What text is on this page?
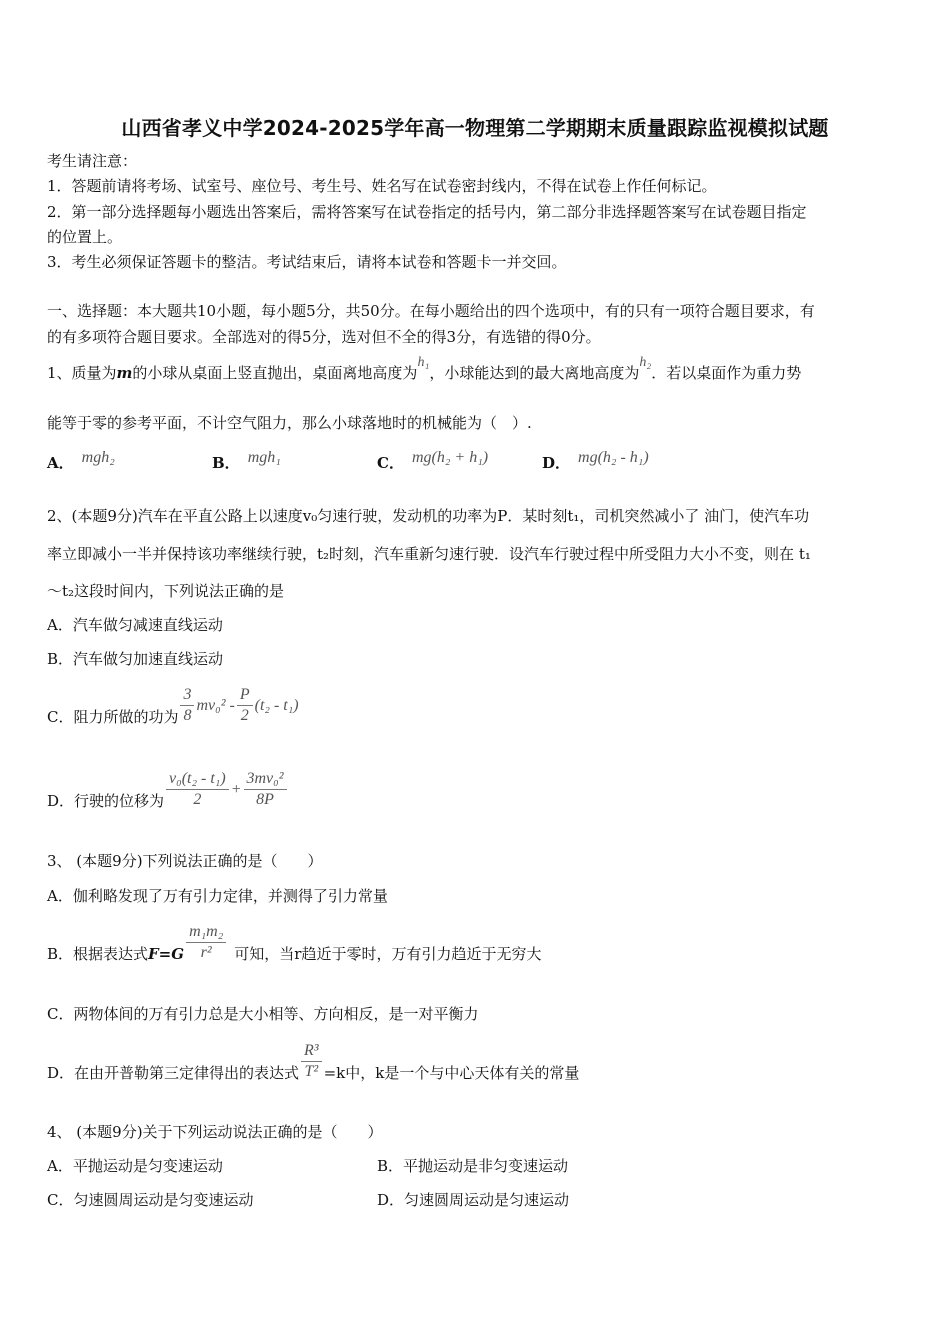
山西省孝义中学2024-2025学年高一物理第二学期期末质量跟踪监视模拟试题
考生请注意：
1．答题前请将考场、试室号、座位号、考生号、姓名写在试卷密封线内，不得在试卷上作任何标记。
2．第一部分选择题每小题选出答案后，需将答案写在试卷指定的括号内，第二部分非选择题答案写在试卷题目指定
的位置上。
3．考生必须保证答题卡的整洁。考试结束后，请将本试卷和答题卡一并交回。
一、选择题：本大题共10小题，每小题5分，共50分。在每小题给出的四个选项中，有的只有一项符合题目要求，有
的有多项符合题目要求。全部选对的得5分，选对但不全的得3分，有选错的得0分。
1、质量为m的小球从桌面上竖直抛出，桌面离地高度为h₁，小球能达到的最大离地高度为h₂．若以桌面作为重力势
能等于零的参考平面，不计空气阻力，那么小球落地时的机械能为（　）.
A． mgh₂	B． mgh₁	C． mg(h₂ + h₁)	D． mg(h₂ - h₁)
2、(本题9分)汽车在平直公路上以速度v₀匀速行驶，发动机的功率为P．某时刻t₁，司机突然减小了 油门，使汽车功
率立即减小一半并保持该功率继续行驶，t₂时刻，汽车重新匀速行驶．设汽车行驶过程中所受阻力大小不变，则在 t₁
～t₂这段时间内，下列说法正确的是
A．汽车做匀减速直线运动
B．汽车做匀加速直线运动
C．阻力所做的功为 $\frac{3}{8} mv_0^2 - \frac{P}{2} (t_2 - t_1)$
D．行驶的位移为 $\frac{\text{v₀(t₂ - t₁)}}{2} + \frac{\text{3mv₀²}}{8P}$
3、 (本题9分)下列说法正确的是（　　）
A．伽利略发现了万有引力定律，并测得了引力常量
B．根据表达式 $F=G \frac{\text{m₁m₂}}{\text{r²}}$ 可知，当r趋近于零时，万有引力趋近于无穷大
C．两物体间的万有引力总是大小相等、方向相反，是一对平衡力
D．在由开普勒第三定律得出的表达式 $\frac{\text{R³}}{\text{T²}} =k$中，k是一个与中心天体有关的常量
4、 (本题9分)关于下列运动说法正确的是（　　）
A．平抛运动是匀变速运动	B．平抛运动是非匀变速运动
C．匀速圆周运动是匀变速运动	D．匀速圆周运动是匀速运动
